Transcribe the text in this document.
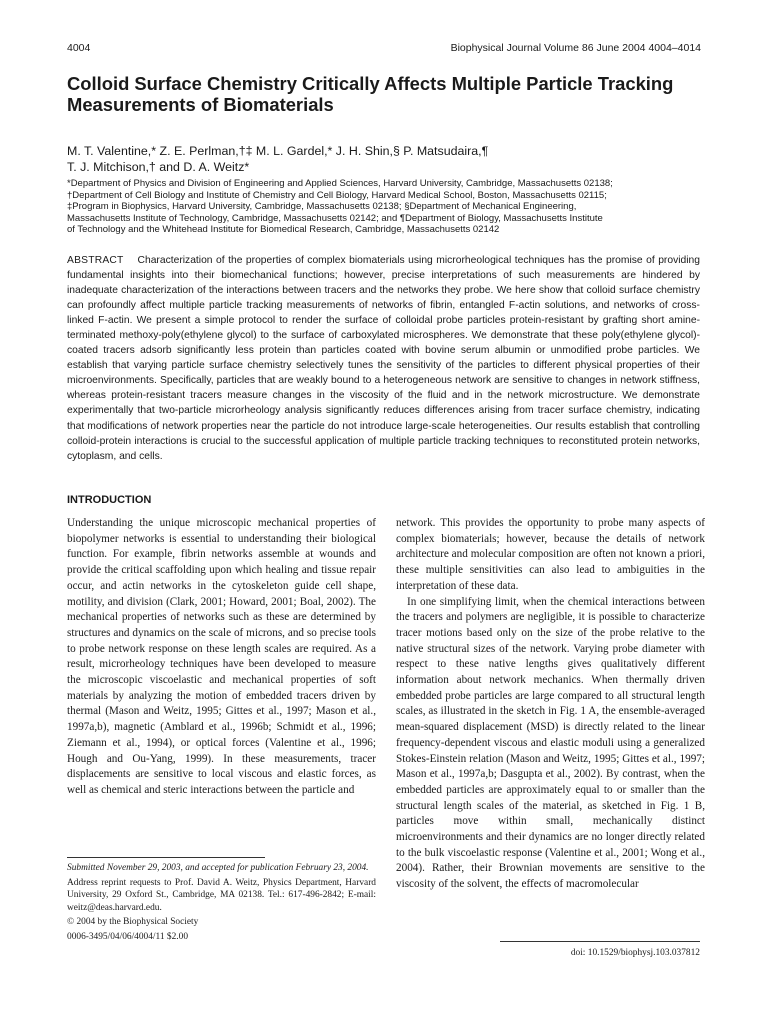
4004	Biophysical Journal Volume 86 June 2004 4004–4014
Colloid Surface Chemistry Critically Affects Multiple Particle Tracking Measurements of Biomaterials
M. T. Valentine,* Z. E. Perlman,†‡ M. L. Gardel,* J. H. Shin,§ P. Matsudaira,¶
T. J. Mitchison,† and D. A. Weitz*
*Department of Physics and Division of Engineering and Applied Sciences, Harvard University, Cambridge, Massachusetts 02138;
†Department of Cell Biology and Institute of Chemistry and Cell Biology, Harvard Medical School, Boston, Massachusetts 02115;
‡Program in Biophysics, Harvard University, Cambridge, Massachusetts 02138; §Department of Mechanical Engineering,
Massachusetts Institute of Technology, Cambridge, Massachusetts 02142; and ¶Department of Biology, Massachusetts Institute
of Technology and the Whitehead Institute for Biomedical Research, Cambridge, Massachusetts 02142

ABSTRACT Characterization of the properties of complex biomaterials using microrheological techniques has the promise of providing fundamental insights into their biomechanical functions; however, precise interpretations of such measurements are hindered by inadequate characterization of the interactions between tracers and the networks they probe. We here show that colloid surface chemistry can profoundly affect multiple particle tracking measurements of networks of fibrin, entangled F-actin solutions, and networks of cross-linked F-actin. We present a simple protocol to render the surface of colloidal probe particles protein-resistant by grafting short amine-terminated methoxy-poly(ethylene glycol) to the surface of carboxylated microspheres. We demonstrate that these poly(ethylene glycol)-coated tracers adsorb significantly less protein than particles coated with bovine serum albumin or unmodified probe particles. We establish that varying particle surface chemistry selectively tunes the sensitivity of the particles to different physical properties of their microenvironments. Specifically, particles that are weakly bound to a heterogeneous network are sensitive to changes in network stiffness, whereas protein-resistant tracers measure changes in the viscosity of the fluid and in the network microstructure. We demonstrate experimentally that two-particle microrheology analysis significantly reduces differences arising from tracer surface chemistry, indicating that modifications of network properties near the particle do not introduce large-scale heterogeneities. Our results establish that controlling colloid-protein interactions is crucial to the successful application of multiple particle tracking techniques to reconstituted protein networks, cytoplasm, and cells.

INTRODUCTION

Understanding the unique microscopic mechanical properties of biopolymer networks is essential to understanding their biological function. For example, fibrin networks assemble at wounds and provide the critical scaffolding upon which healing and tissue repair occur, and actin networks in the cytoskeleton guide cell shape, motility, and division (Clark, 2001; Howard, 2001; Boal, 2002). The mechanical properties of networks such as these are determined by structures and dynamics on the scale of microns, and so precise tools to probe network response on these length scales are required. As a result, microrheology techniques have been developed to measure the microscopic viscoelastic and mechanical properties of soft materials by analyzing the motion of embedded tracers driven by thermal (Mason and Weitz, 1995; Gittes et al., 1997; Mason et al., 1997a,b), magnetic (Amblard et al., 1996b; Schmidt et al., 1996; Ziemann et al., 1994), or optical forces (Valentine et al., 1996; Hough and Ou-Yang, 1999). In these measurements, tracer displacements are sensitive to local viscous and elastic forces, as well as chemical and steric interactions between the particle and

network. This provides the opportunity to probe many aspects of complex biomaterials; however, because the details of network architecture and molecular composition are often not known a priori, these multiple sensitivities can also lead to ambiguities in the interpretation of these data.

In one simplifying limit, when the chemical interactions between the tracers and polymers are negligible, it is possible to characterize tracer motions based only on the size of the probe relative to the native structural sizes of the network. Varying probe diameter with respect to these native lengths gives qualitatively different information about network mechanics. When thermally driven embedded probe particles are large compared to all structural length scales, as illustrated in the sketch in Fig. 1 A, the ensemble-averaged mean-squared displacement (MSD) is directly related to the linear frequency-dependent viscous and elastic moduli using a generalized Stokes-Einstein relation (Mason and Weitz, 1995; Gittes et al., 1997; Mason et al., 1997a,b; Dasgupta et al., 2002). By contrast, when the embedded particles are approximately equal to or smaller than the structural length scales of the material, as sketched in Fig. 1 B, particles move within small, mechanically distinct microenvironments and their dynamics are no longer directly related to the bulk viscoelastic response (Valentine et al., 2001; Wong et al., 2004). Rather, their Brownian movements are sensitive to the viscosity of the solvent, the effects of macromolecular

Submitted November 29, 2003, and accepted for publication February 23, 2004.

Address reprint requests to Prof. David A. Weitz, Physics Department, Harvard University, 29 Oxford St., Cambridge, MA 02138. Tel.: 617-496-2842; E-mail: weitz@deas.harvard.edu.

© 2004 by the Biophysical Society

0006-3495/04/06/4004/11 $2.00

doi: 10.1529/biophysj.103.037812
